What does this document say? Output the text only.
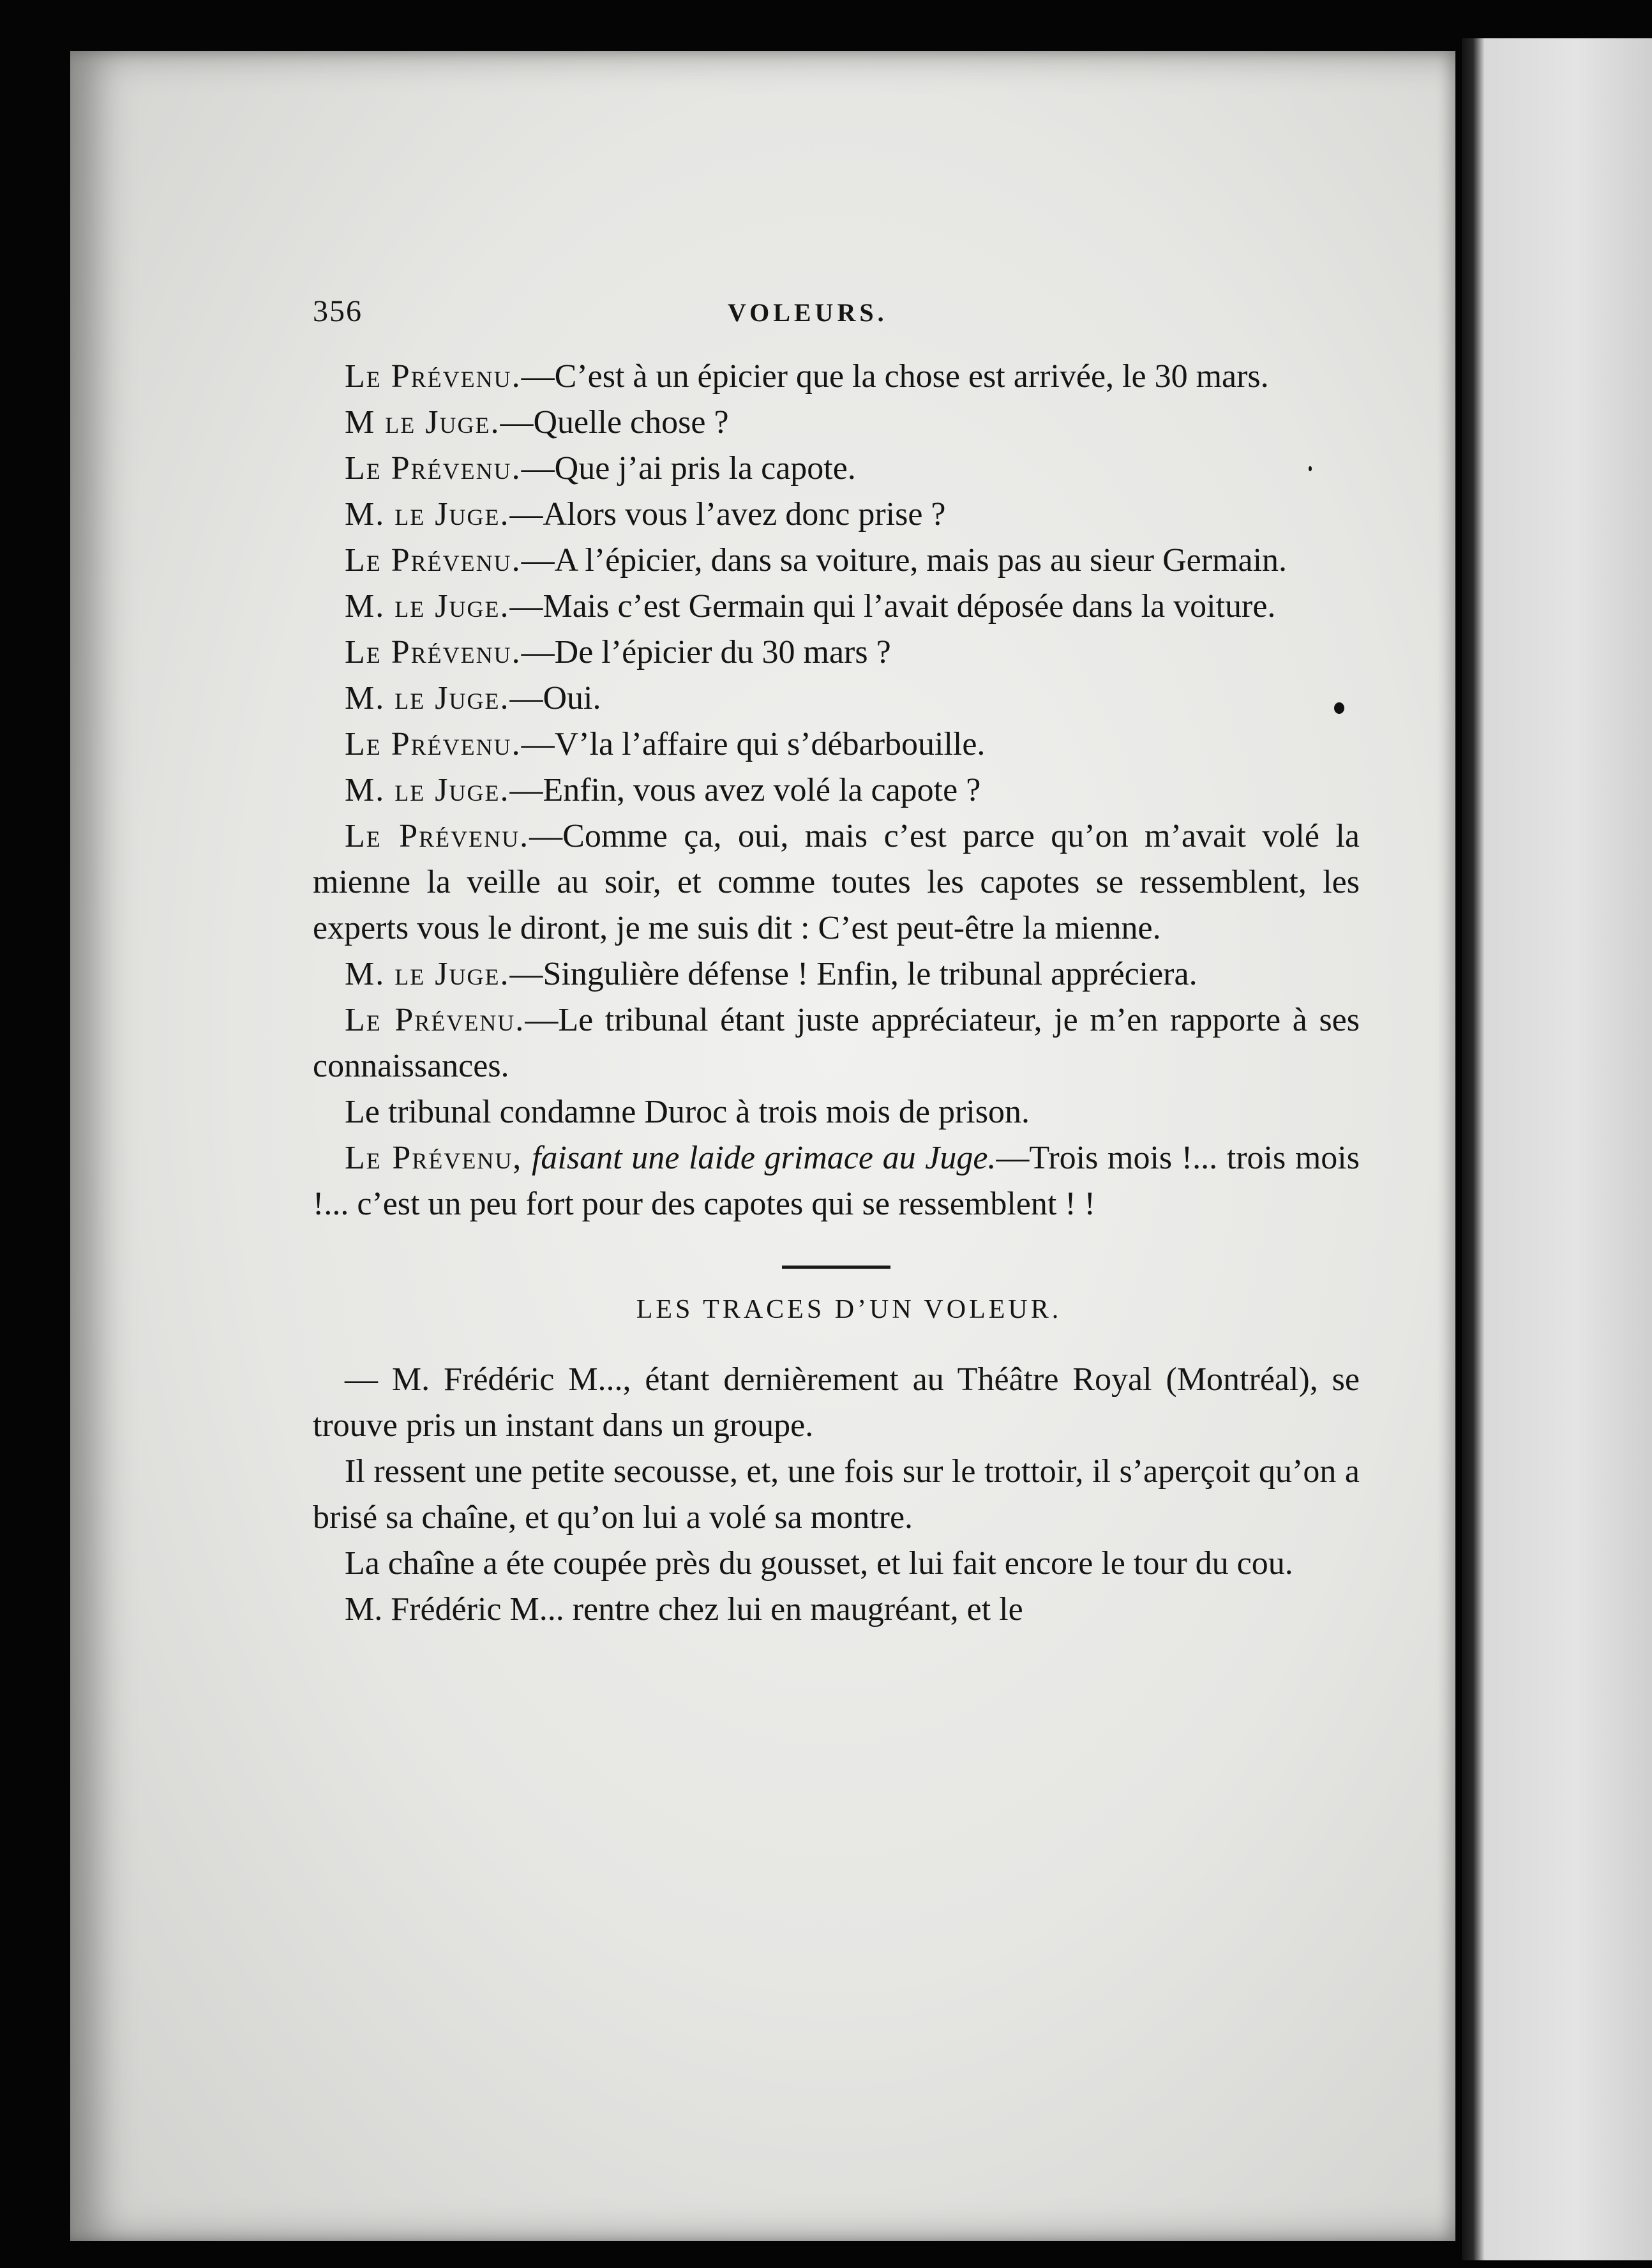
356	VOLEURS.

Le Prévenu.—C’est à un épicier que la chose est arrivée, le 30 mars.

M le Juge.—Quelle chose ?

Le Prévenu.—Que j’ai pris la capote.

M. le Juge.—Alors vous l’avez donc prise ?

Le Prévenu.—A l’épicier, dans sa voiture, mais pas au sieur Germain.

M. le Juge.—Mais c’est Germain qui l’avait déposée dans la voiture.

Le Prévenu.—De l’épicier du 30 mars ?

M. le Juge.—Oui.

Le Prévenu.—V’la l’affaire qui s’débarbouille.

M. le Juge.—Enfin, vous avez volé la capote ?

Le Prévenu.—Comme ça, oui, mais c’est parce qu’on m’avait volé la mienne la veille au soir, et comme toutes les capotes se ressemblent, les experts vous le diront, je me suis dit : C’est peut-être la mienne.

M. le Juge.—Singulière défense ! Enfin, le tribunal appréciera.

Le Prévenu.—Le tribunal étant juste appréciateur, je m’en rapporte à ses connaissances.

Le tribunal condamne Duroc à trois mois de prison.

Le Prévenu, faisant une laide grimace au Juge.—Trois mois !... trois mois !... c’est un peu fort pour des capotes qui se ressemblent ! !

LES TRACES D’UN VOLEUR.

— M. Frédéric M..., étant dernièrement au Théâtre Royal (Montréal), se trouve pris un instant dans un groupe.

Il ressent une petite secousse, et, une fois sur le trottoir, il s’aperçoit qu’on a brisé sa chaîne, et qu’on lui a volé sa montre.

La chaîne a éte coupée près du gousset, et lui fait encore le tour du cou.

M. Frédéric M... rentre chez lui en maugréant, et le
